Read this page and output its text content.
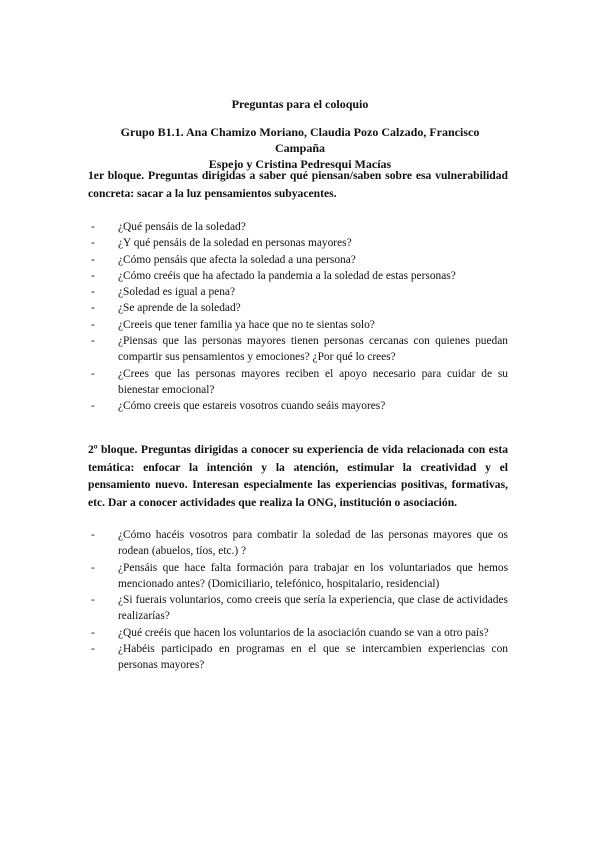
Preguntas para el coloquio
Grupo B1.1. Ana Chamizo Moriano, Claudia Pozo Calzado, Francisco Campaña
Espejo y Cristina Pedresqui Macías
1er bloque. Preguntas dirigidas a saber qué piensan/saben sobre esa vulnerabilidad concreta: sacar a la luz pensamientos subyacentes.
- ¿Qué pensáis de la soledad?
- ¿Y qué pensáis de la soledad en personas mayores?
- ¿Cómo pensáis que afecta la soledad a una persona?
- ¿Cómo creéis que ha afectado la pandemia a la soledad de estas personas?
- ¿Soledad es igual a pena?
- ¿Se aprende de la soledad?
- ¿Creeis que tener familia ya hace que no te sientas solo?
- ¿Piensas que las personas mayores tienen personas cercanas con quienes puedan compartir sus pensamientos y emociones? ¿Por qué lo crees?
- ¿Crees que las personas mayores reciben el apoyo necesario para cuidar de su bienestar emocional?
- ¿Cómo creeis que estareis vosotros cuando seáis mayores?
2º bloque. Preguntas dirigidas a conocer su experiencia de vida relacionada con esta temática: enfocar la intención y la atención, estimular la creatividad y el pensamiento nuevo. Interesan especialmente las experiencias positivas, formativas, etc. Dar a conocer actividades que realiza la ONG, institución o asociación.
- ¿Cómo hacéis vosotros para combatir la soledad de las personas mayores que os rodean (abuelos, tíos, etc.) ?
- ¿Pensáis que hace falta formación para trabajar en los voluntariados que hemos mencionado antes? (Domiciliario, telefónico, hospitalario, residencial)
- ¿Si fuerais voluntarios, como creeis que sería la experiencia, que clase de actividades realizarías?
- ¿Qué creéis que hacen los voluntarios de la asociación cuando se van a otro país?
- ¿Habéis participado en programas en el que se intercambien experiencias con personas mayores?
